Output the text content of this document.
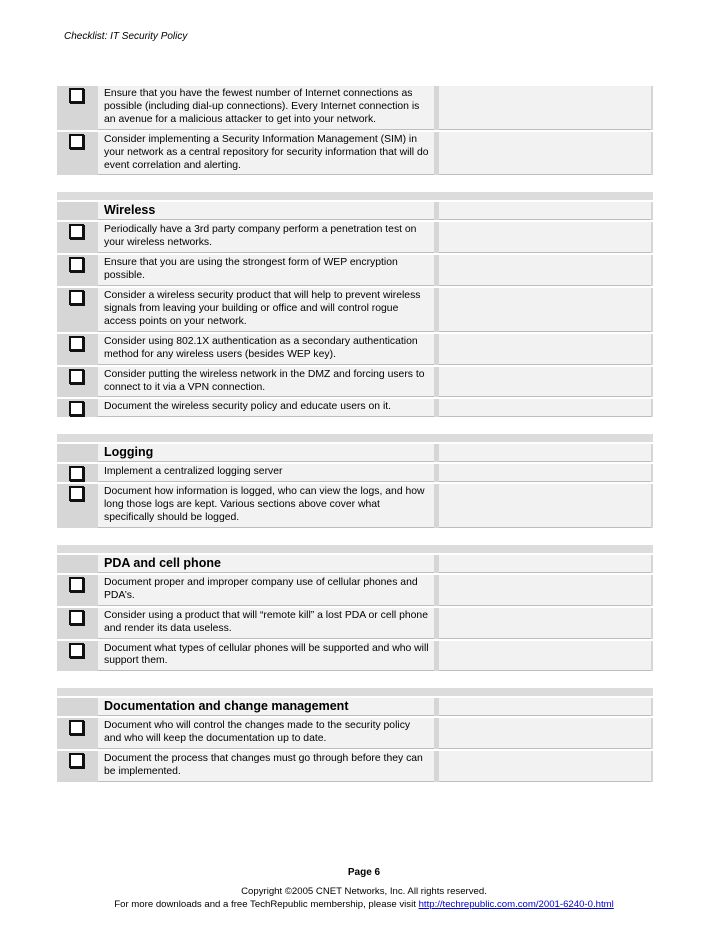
Checklist: IT Security Policy
Ensure that you have the fewest number of Internet connections as possible (including dial-up connections). Every Internet connection is an avenue for a malicious attacker to get into your network.
Consider implementing a Security Information Management (SIM) in your network as a central repository for security information that will do event correlation and alerting.
Wireless
Periodically have a 3rd party company perform a penetration test on your wireless networks.
Ensure that you are using the strongest form of WEP encryption possible.
Consider a wireless security product that will help to prevent wireless signals from leaving your building or office and will control rogue access points on your network.
Consider using 802.1X authentication as a secondary authentication method for any wireless users (besides WEP key).
Consider putting the wireless network in the DMZ and forcing users to connect to it via a VPN connection.
Document the wireless security policy and educate users on it.
Logging
Implement a centralized logging server
Document how information is logged, who can view the logs, and how long those logs are kept. Various sections above cover what specifically should be logged.
PDA and cell phone
Document proper and improper company use of cellular phones and PDA’s.
Consider using a product that will “remote kill” a lost PDA or cell phone and render its data useless.
Document what types of cellular phones will be supported and who will support them.
Documentation and change management
Document who will control the changes made to the security policy and who will keep the documentation up to date.
Document the process that changes must go through before they can be implemented.
Page 6
Copyright ©2005 CNET Networks, Inc. All rights reserved.
For more downloads and a free TechRepublic membership, please visit http://techrepublic.com.com/2001-6240-0.html
